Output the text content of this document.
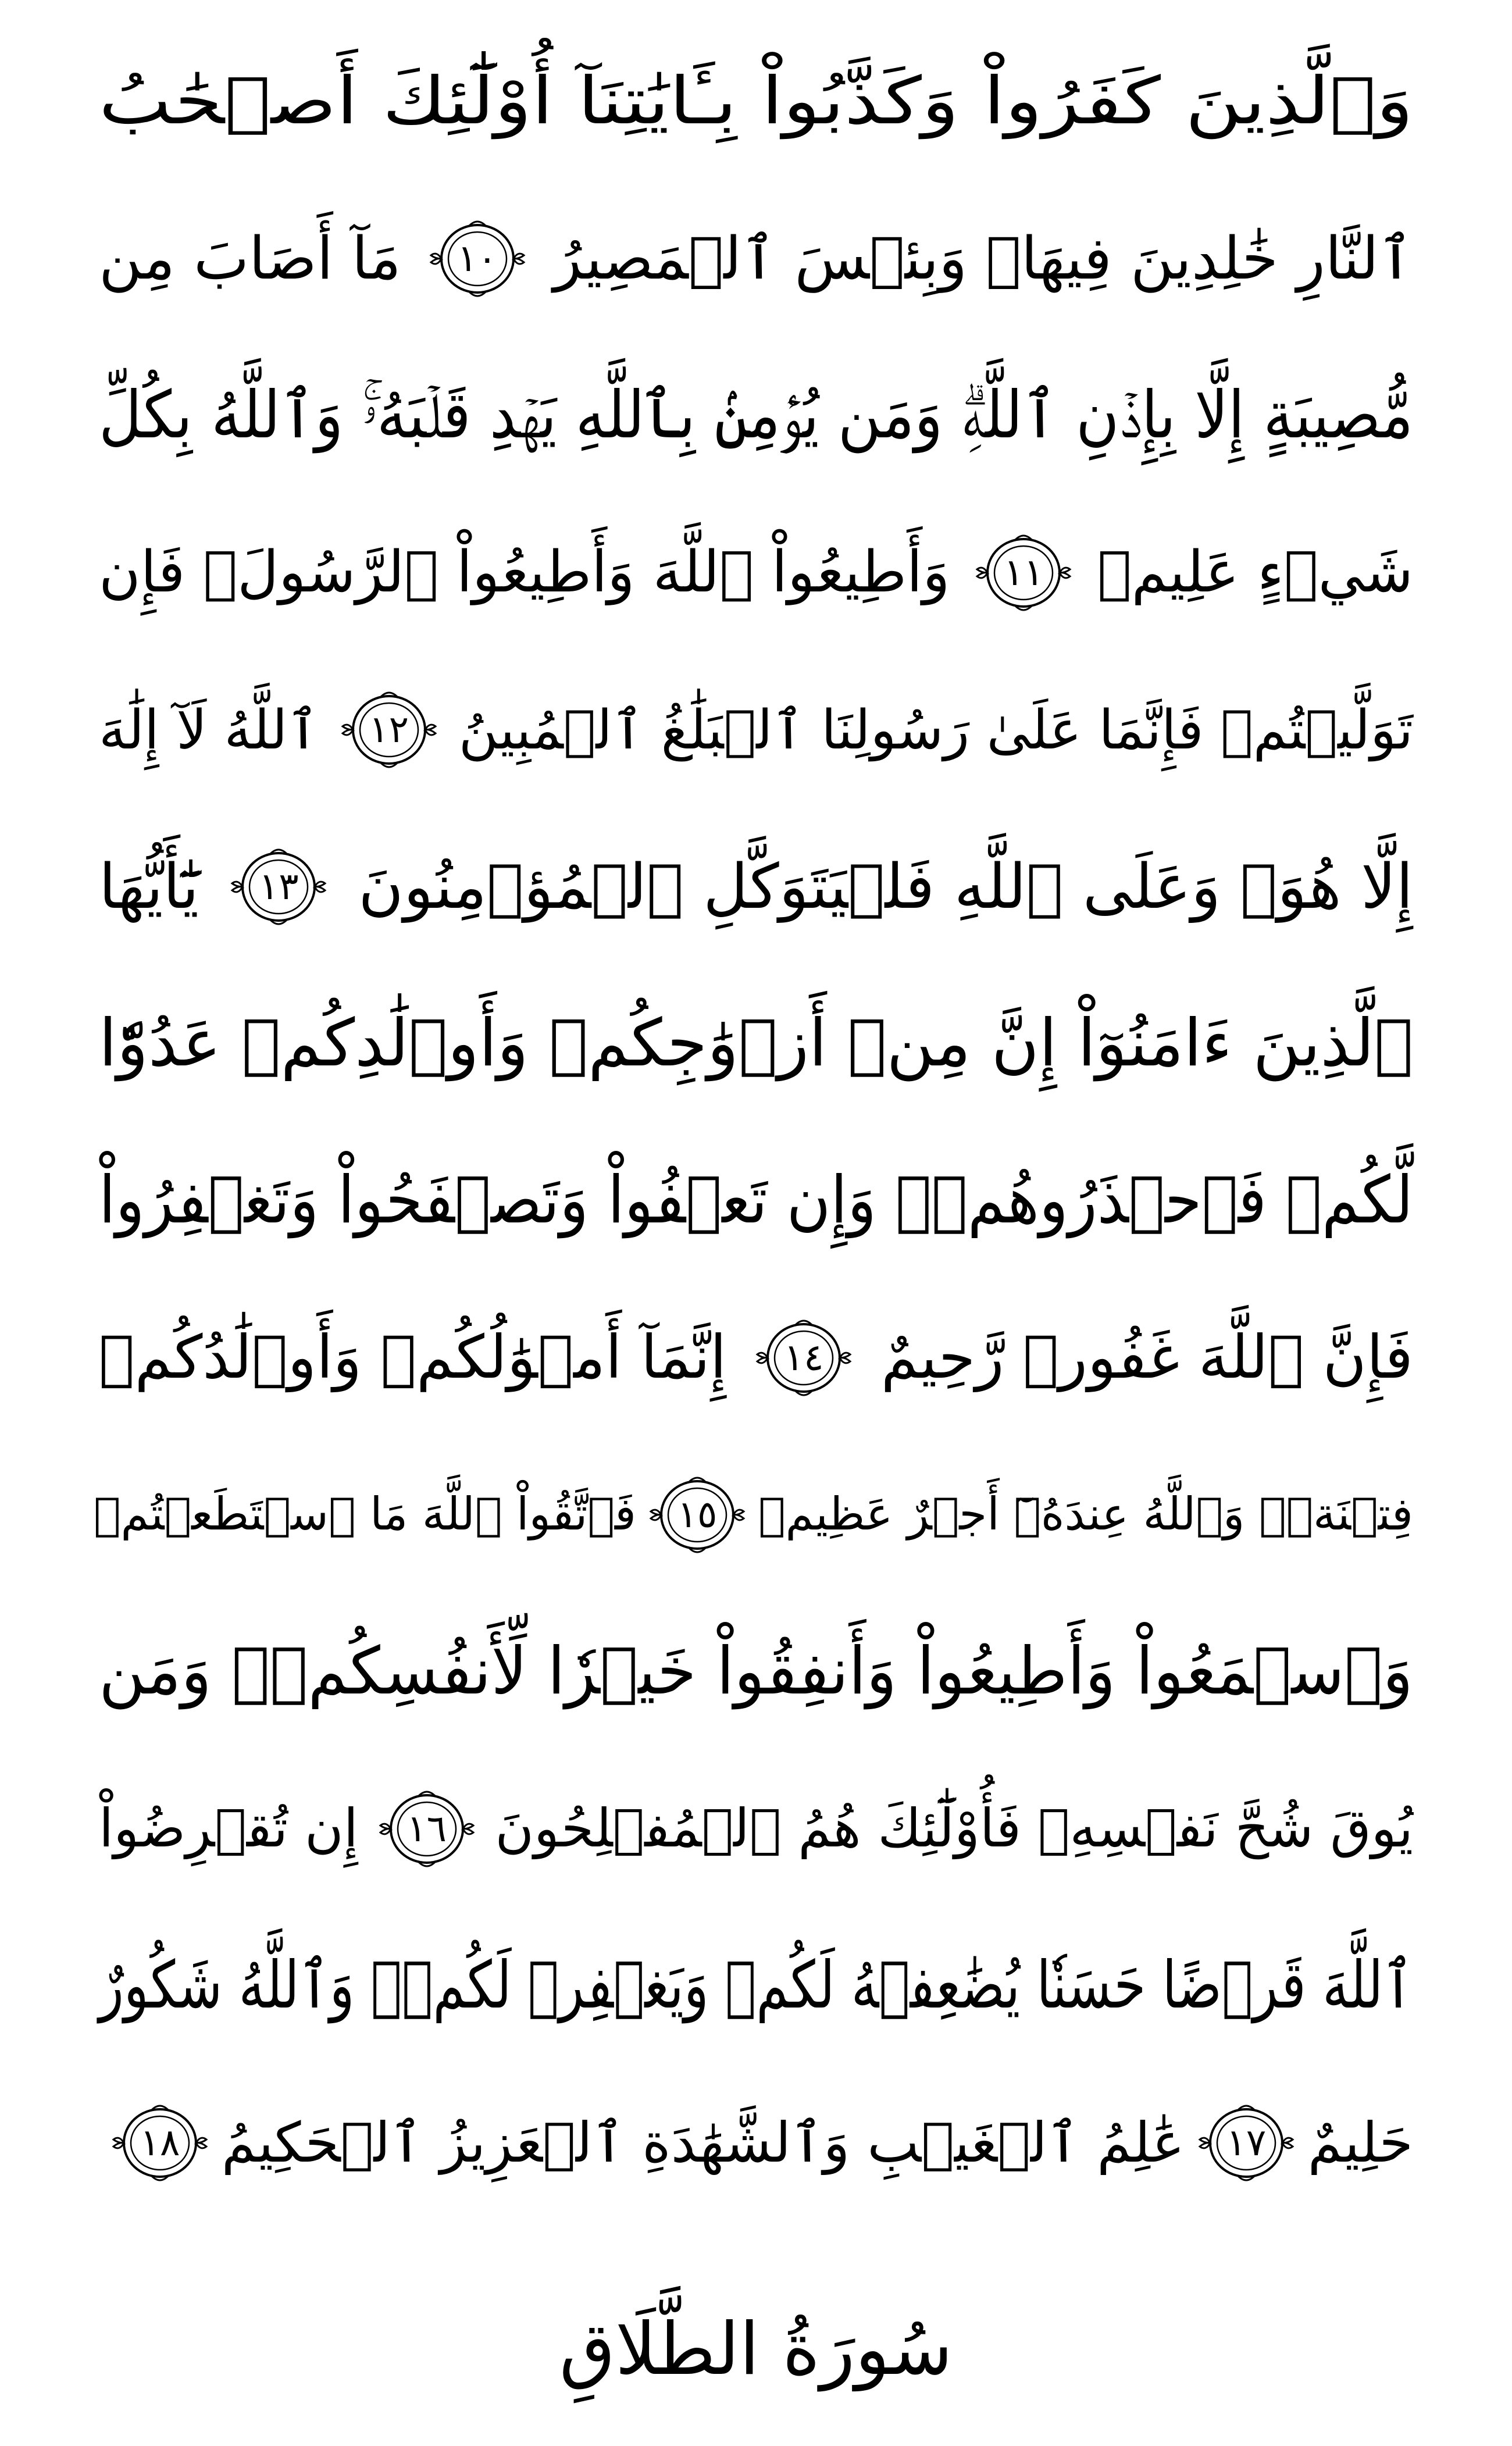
وَٱلَّذِينَ كَفَرُواْ وَكَذَّبُواْ بِـَٔايَٰتِنَآ أُوْلَٰٓئِكَ أَصۡحَٰبُ
ٱلنَّارِ خَٰلِدِينَ فِيهَاۖ وَبِئۡسَ ٱلۡمَصِيرُ
١٠
مَآ أَصَابَ مِن
مُّصِيبَةٍ إِلَّا بِإِذۡنِ ٱللَّهِۗ وَمَن يُؤۡمِنۢ بِٱللَّهِ يَهۡدِ قَلۡبَهُۥۚ وَٱللَّهُ بِكُلِّ
شَيۡءٍ عَلِيمٞ
١١
وَأَطِيعُواْ ٱللَّهَ وَأَطِيعُواْ ٱلرَّسُولَۚ فَإِن
تَوَلَّيۡتُمۡ فَإِنَّمَا عَلَىٰ رَسُولِنَا ٱلۡبَلَٰغُ ٱلۡمُبِينُ
١٢
ٱللَّهُ لَآ إِلَٰهَ
إِلَّا هُوَۚ وَعَلَى ٱللَّهِ فَلۡيَتَوَكَّلِ ٱلۡمُؤۡمِنُونَ
١٣
يَٰٓأَيُّهَا
ٱلَّذِينَ ءَامَنُوٓاْ إِنَّ مِنۡ أَزۡوَٰجِكُمۡ وَأَوۡلَٰدِكُمۡ عَدُوّٗا
لَّكُمۡ فَٱحۡذَرُوهُمۡۚ وَإِن تَعۡفُواْ وَتَصۡفَحُواْ وَتَغۡفِرُواْ
فَإِنَّ ٱللَّهَ غَفُورٞ رَّحِيمٌ
١٤
إِنَّمَآ أَمۡوَٰلُكُمۡ وَأَوۡلَٰدُكُمۡ
فِتۡنَةٞۚ وَٱللَّهُ عِندَهُۥٓ أَجۡرٌ عَظِيمٞ
١٥
فَٱتَّقُواْ ٱللَّهَ مَا ٱسۡتَطَعۡتُمۡ
وَٱسۡمَعُواْ وَأَطِيعُواْ وَأَنفِقُواْ خَيۡرٗا لِّأَنفُسِكُمۡۗ وَمَن
يُوقَ شُحَّ نَفۡسِهِۦ فَأُوْلَٰٓئِكَ هُمُ ٱلۡمُفۡلِحُونَ
١٦
إِن تُقۡرِضُواْ
ٱللَّهَ قَرۡضًا حَسَنٗا يُضَٰعِفۡهُ لَكُمۡ وَيَغۡفِرۡ لَكُمۡۚ وَٱللَّهُ شَكُورٌ
حَلِيمٌ
١٧
عَٰلِمُ ٱلۡغَيۡبِ وَٱلشَّهَٰدَةِ ٱلۡعَزِيزُ ٱلۡحَكِيمُ
١٨
سُورَةُ الطَّلَاقِ
